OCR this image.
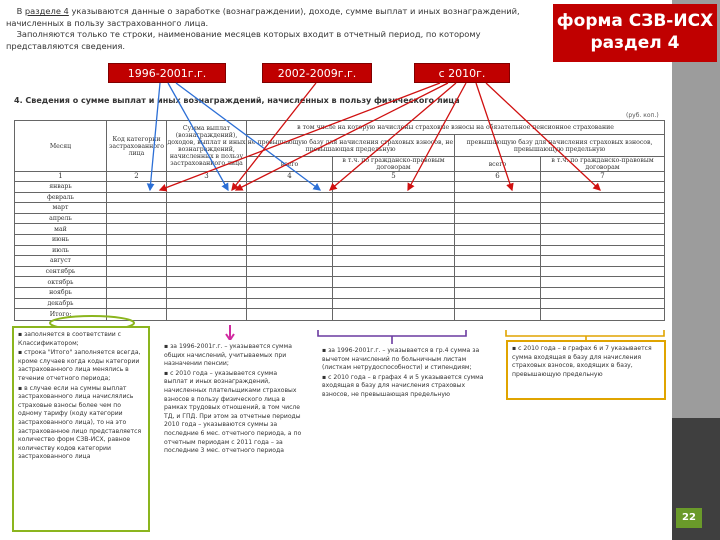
В разделе 4 указываются данные о заработке (вознаграждении), доходе, сумме выплат и иных вознаграждений, начисленных в пользу застрахованного лица.

Заполняются только те строки, наименование месяцев которых входит в отчетный период, по которому представляются сведения.

форма СЗВ-ИСХ
раздел 4
1996-2001г.г.	2002-2009г.г.	с 2010г.
4. Сведения о сумме выплат и иных вознаграждений, начисленных в пользу физического лица
(руб. коп.)
Месяц	Код категории застрахованного лица	Сумма выплат (вознаграждений), доходов, выплат и иных вознаграждений, начисленных в пользу застрахованного лица	в том числе на которую начислены страховые взносы на обязательное пенсионное страхование			
			не превышающую базу для начисления страховых взносов, не превышающая предельную		превышающую базу для начисления страховых взносов, превышающую предельную	
			всего	в т.ч. по гражданско-правовым договорам	всего	в т.ч. по гражданско-правовым договорам
1	2	3	4	5	6	7
январь						
февраль						
март						
апрель						
май						
июнь						
июль						
август						
сентябрь						
октябрь						
ноябрь						
декабрь						
Итого:						

▪ заполняется в соответствии с Классификатором;

▪ строка "Итого" заполняется всегда, кроме случаев когда коды категории застрахованного лица менялись в течение отчетного периода;

▪ в случае если на суммы выплат застрахованного лица начислялись страховые взносы более чем по одному тарифу (коду категории застрахованного лица), то на это застрахованное лицо представляется количество форм СЗВ-ИСХ, равное количеству кодов категории застрахованного лица

▪ за 1996-2001г.г. – указывается сумма общих начислений, учитываемых при назначении пенсии;

▪ с 2010 года – указывается сумма выплат и иных вознаграждений, начисленных плательщиками страховых взносов в пользу физического лица в рамках трудовых отношений, в том числе ТД, и ГПД. При этом за отчетные периоды 2010 года – указываются суммы за последние 6 мес. отчетного периода, а по отчетным периодам с 2011 года – за последние 3 мес. отчетного периода

▪ за 1996-2001г.г. – указывается в гр.4 сумма за вычетом начислений по больничным листам (листкам нетрудоспособности) и стипендиям;

▪ с 2010 года – в графах 4 и 5 указывается сумма входящая в базу для начисления страховых взносов, не превышающая предельную

▪ с 2010 года – в графах 6 и 7 указывается сумма входящая в базу для начисления страховых взносов, входящих в базу, превышающую предельную

22
